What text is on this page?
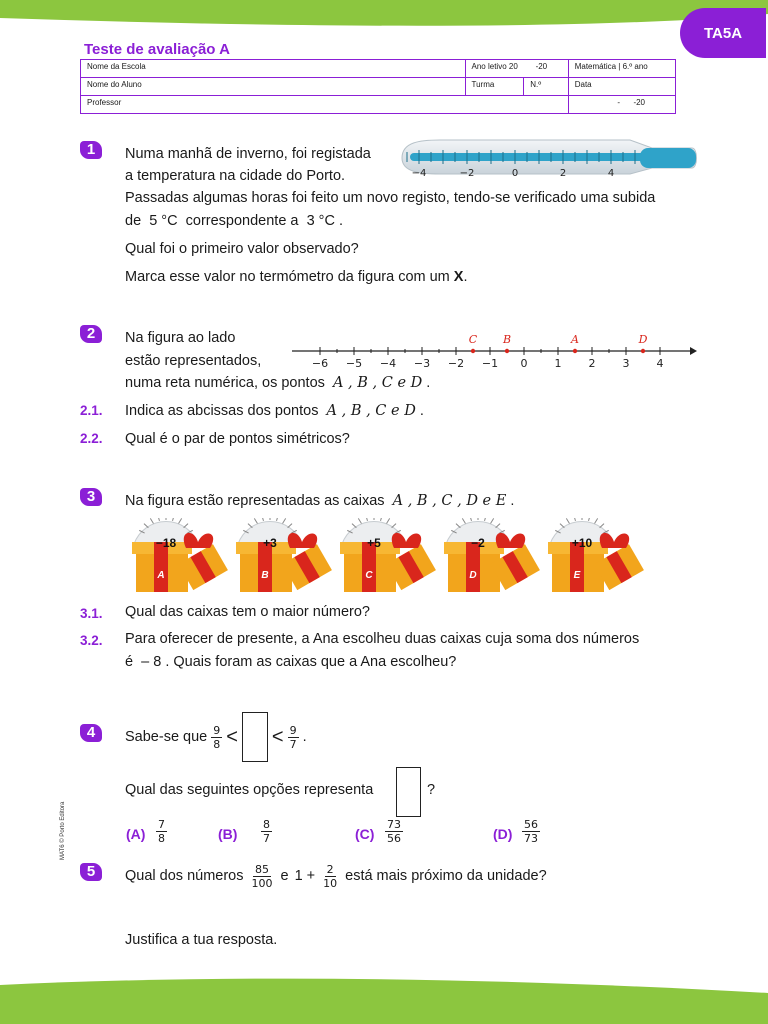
TA5A
Teste de avaliação A
Nome da Escola	Ano letivo 20 -20		Matemática | 6.º ano
Nome do Aluno	Turma	N.º	Data
Professor			- -20
1	Numa manhã de inverno, foi registada
a temperatura na cidade do Porto.
Passadas algumas horas foi feito um novo registo, tendo-se verificado uma subida
de 5 °C correspondente a 3 °C .
Qual foi o primeiro valor observado?
Marca esse valor no termómetro da figura com um X.
−4	−2	0	2	4
2	Na figura ao lado
estão representados,
numa reta numérica, os pontos A , B , C e D .
−6 −5 −4 −3 −2 −1 0 1 2 3 4
C B	A	D
2.1. Indica as abcissas dos pontos A , B , C e D .
2.2. Qual é o par de pontos simétricos?
3	Na figura estão representadas as caixas A , B , C , D e E .
−18
A
+3
B
+5
C
−2
D
+10
E
3.1. Qual das caixas tem o maior número?
3.2. Para oferecer de presente, a Ana escolheu duas caixas cuja soma dos números
é – 8 . Quais foram as caixas que a Ana escolheu?
4	Sabe-se que $\frac{9}{8}$ < < $\frac{9}{7}$ .
Qual das seguintes opções representa	?
$(A) \frac{7}{8}$	$(B) \frac{8}{7}$	$(C) \frac{73}{56}$	$(D) \frac{56}{73}$
5	Qual dos números $\frac{85}{100}$ e $1 + \frac{2}{10}$ está mais próximo da unidade?
Justifica a tua resposta.
MAT6 © Porto Editora
